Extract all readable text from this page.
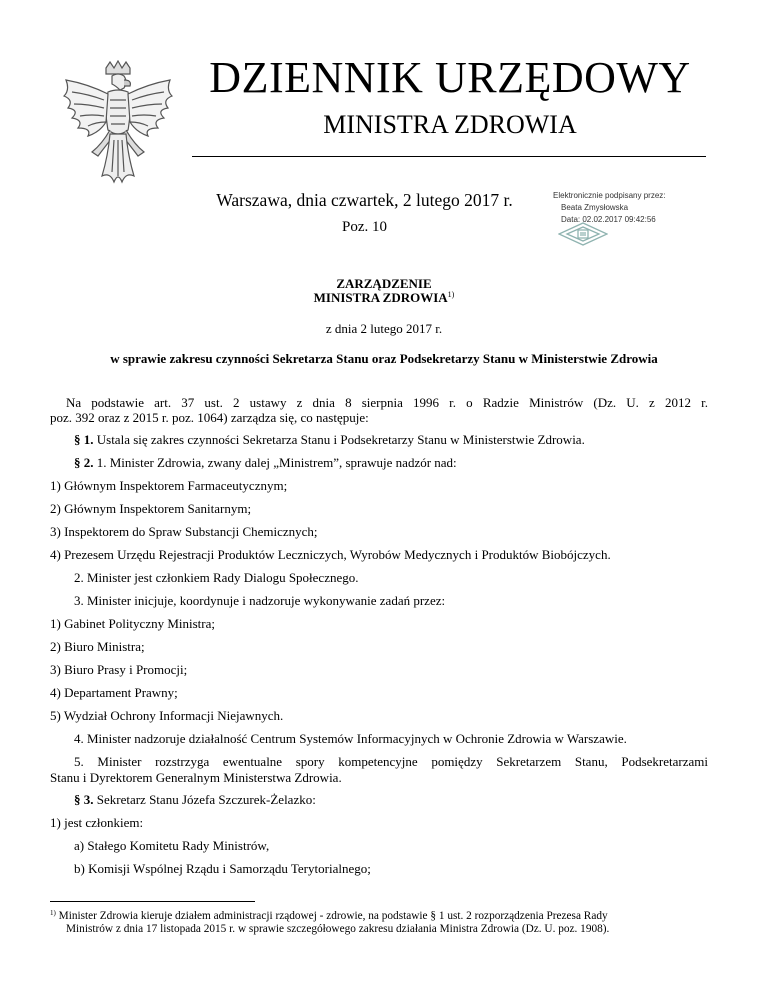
DZIENNIK URZĘDOWY
MINISTRA ZDROWIA
Warszawa, dnia czwartek, 2 lutego 2017 r.
Poz. 10
Elektronicznie podpisany przez:
Beata Zmysłowska
Data: 02.02.2017 09:42:56
ZARZĄDZENIE
MINISTRA ZDROWIA$^{1)}$
z dnia 2 lutego 2017 r.
w sprawie zakresu czynności Sekretarza Stanu oraz Podsekretarzy Stanu w Ministerstwie Zdrowia
Na podstawie art. 37 ust. 2 ustawy z dnia 8 sierpnia 1996 r. o Radzie Ministrów (Dz. U. z 2012 r.
poz. 392 oraz z 2015 r. poz. 1064) zarządza się, co następuje:
§ 1. Ustala się zakres czynności Sekretarza Stanu i Podsekretarzy Stanu w Ministerstwie Zdrowia.
§ 2. 1. Minister Zdrowia, zwany dalej „Ministrem”, sprawuje nadzór nad:
1) Głównym Inspektorem Farmaceutycznym;
2) Głównym Inspektorem Sanitarnym;
3) Inspektorem do Spraw Substancji Chemicznych;
4) Prezesem Urzędu Rejestracji Produktów Leczniczych, Wyrobów Medycznych i Produktów Biobójczych.
2. Minister jest członkiem Rady Dialogu Społecznego.
3. Minister inicjuje, koordynuje i nadzoruje wykonywanie zadań przez:
1) Gabinet Polityczny Ministra;
2) Biuro Ministra;
3) Biuro Prasy i Promocji;
4) Departament Prawny;
5) Wydział Ochrony Informacji Niejawnych.
4. Minister nadzoruje działalność Centrum Systemów Informacyjnych w Ochronie Zdrowia w Warszawie.
5. Minister rozstrzyga ewentualne spory kompetencyjne pomiędzy Sekretarzem Stanu, Podsekretarzami
Stanu i Dyrektorem Generalnym Ministerstwa Zdrowia.
§ 3. Sekretarz Stanu Józefa Szczurek-Żelazko:
1) jest członkiem:
a) Stałego Komitetu Rady Ministrów,
b) Komisji Wspólnej Rządu i Samorządu Terytorialnego;
$^{1)}$ Minister Zdrowia kieruje działem administracji rządowej - zdrowie, na podstawie § 1 ust. 2 rozporządzenia Prezesa Rady
Ministrów z dnia 17 listopada 2015 r. w sprawie szczegółowego zakresu działania Ministra Zdrowia (Dz. U. poz. 1908).
